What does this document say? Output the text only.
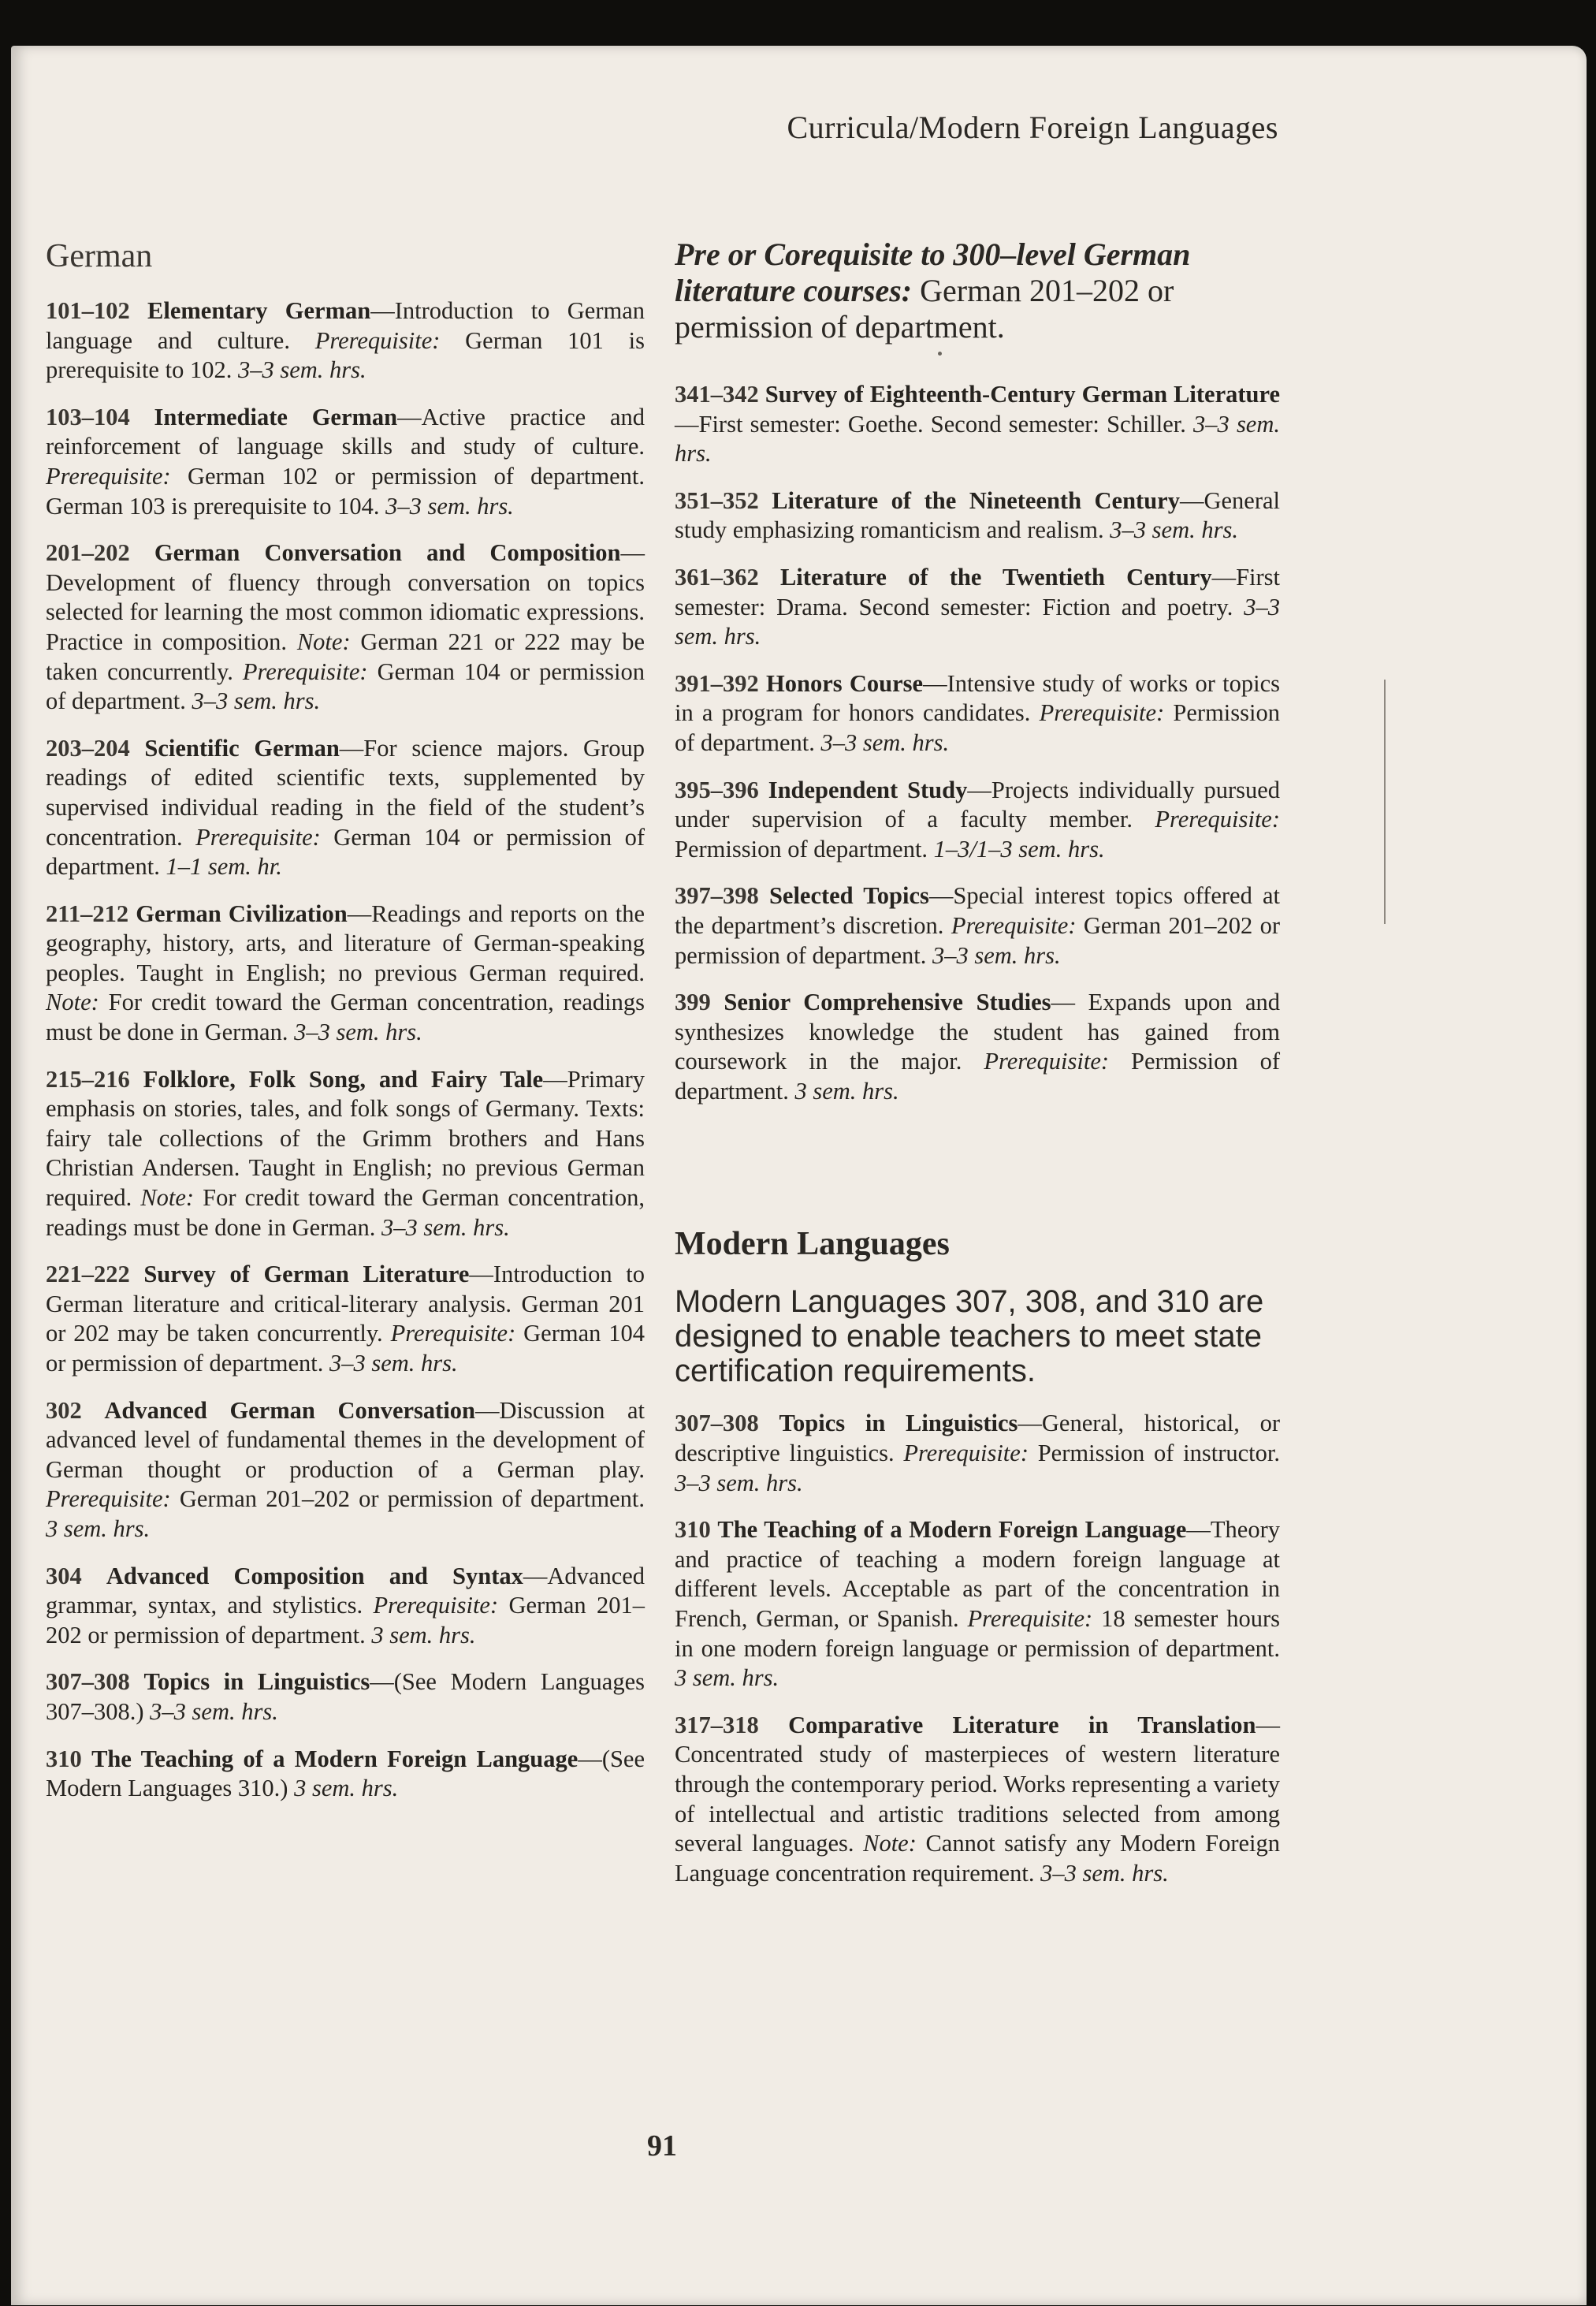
Curricula/Modern Foreign Languages
German

101–102 Elementary German—Introduction to German language and culture. Prerequisite: German 101 is prerequisite to 102. 3–3 sem. hrs.

103–104 Intermediate German—Active practice and reinforcement of language skills and study of culture. Prerequisite: German 102 or permission of department. German 103 is prerequisite to 104. 3–3 sem. hrs.

201–202 German Conversation and Composition—Development of fluency through conversation on topics selected for learning the most common idiomatic expressions. Practice in composition. Note: German 221 or 222 may be taken concurrently. Prerequisite: German 104 or permission of department. 3–3 sem. hrs.

203–204 Scientific German—For science majors. Group readings of edited scientific texts, supplemented by supervised individual reading in the field of the student’s concentration. Prerequisite: German 104 or permission of department. 1–1 sem. hr.

211–212 German Civilization—Readings and reports on the geography, history, arts, and literature of German-speaking peoples. Taught in English; no previous German required. Note: For credit toward the German concentration, readings must be done in German. 3–3 sem. hrs.

215–216 Folklore, Folk Song, and Fairy Tale—Primary emphasis on stories, tales, and folk songs of Germany. Texts: fairy tale collections of the Grimm brothers and Hans Christian Andersen. Taught in English; no previous German required. Note: For credit toward the German concentration, readings must be done in German. 3–3 sem. hrs.

221–222 Survey of German Literature—Introduction to German literature and critical-literary analysis. German 201 or 202 may be taken concurrently. Prerequisite: German 104 or permission of department. 3–3 sem. hrs.

302 Advanced German Conversation—Discussion at advanced level of fundamental themes in the development of German thought or production of a German play. Prerequisite: German 201–202 or permission of department. 3 sem. hrs.

304 Advanced Composition and Syntax—Advanced grammar, syntax, and stylistics. Prerequisite: German 201–202 or permission of department. 3 sem. hrs.

307–308 Topics in Linguistics—(See Modern Languages 307–308.) 3–3 sem. hrs.

310 The Teaching of a Modern Foreign Language—(See Modern Languages 310.) 3 sem. hrs.

Pre or Corequisite to 300–level German literature courses: German 201–202 or permission of department.

341–342 Survey of Eighteenth-Century German Literature—First semester: Goethe. Second semester: Schiller. 3–3 sem. hrs.

351–352 Literature of the Nineteenth Century—General study emphasizing romanticism and realism. 3–3 sem. hrs.

361–362 Literature of the Twentieth Century—First semester: Drama. Second semester: Fiction and poetry. 3–3 sem. hrs.

391–392 Honors Course—Intensive study of works or topics in a program for honors candidates. Prerequisite: Permission of department. 3–3 sem. hrs.

395–396 Independent Study—Projects individually pursued under supervision of a faculty member. Prerequisite: Permission of department. 1–3/1–3 sem. hrs.

397–398 Selected Topics—Special interest topics offered at the department’s discretion. Prerequisite: German 201–202 or permission of department. 3–3 sem. hrs.

399 Senior Comprehensive Studies— Expands upon and synthesizes knowledge the student has gained from coursework in the major. Prerequisite: Permission of department. 3 sem. hrs.

Modern Languages

Modern Languages 307, 308, and 310 are designed to enable teachers to meet state certification requirements.

307–308 Topics in Linguistics—General, historical, or descriptive linguistics. Prerequisite: Permission of instructor. 3–3 sem. hrs.

310 The Teaching of a Modern Foreign Language—Theory and practice of teaching a modern foreign language at different levels. Acceptable as part of the concentration in French, German, or Spanish. Prerequisite: 18 semester hours in one modern foreign language or permission of department. 3 sem. hrs.

317–318 Comparative Literature in Translation—Concentrated study of masterpieces of western literature through the contemporary period. Works representing a variety of intellectual and artistic traditions selected from among several languages. Note: Cannot satisfy any Modern Foreign Language concentration requirement. 3–3 sem. hrs.

91
